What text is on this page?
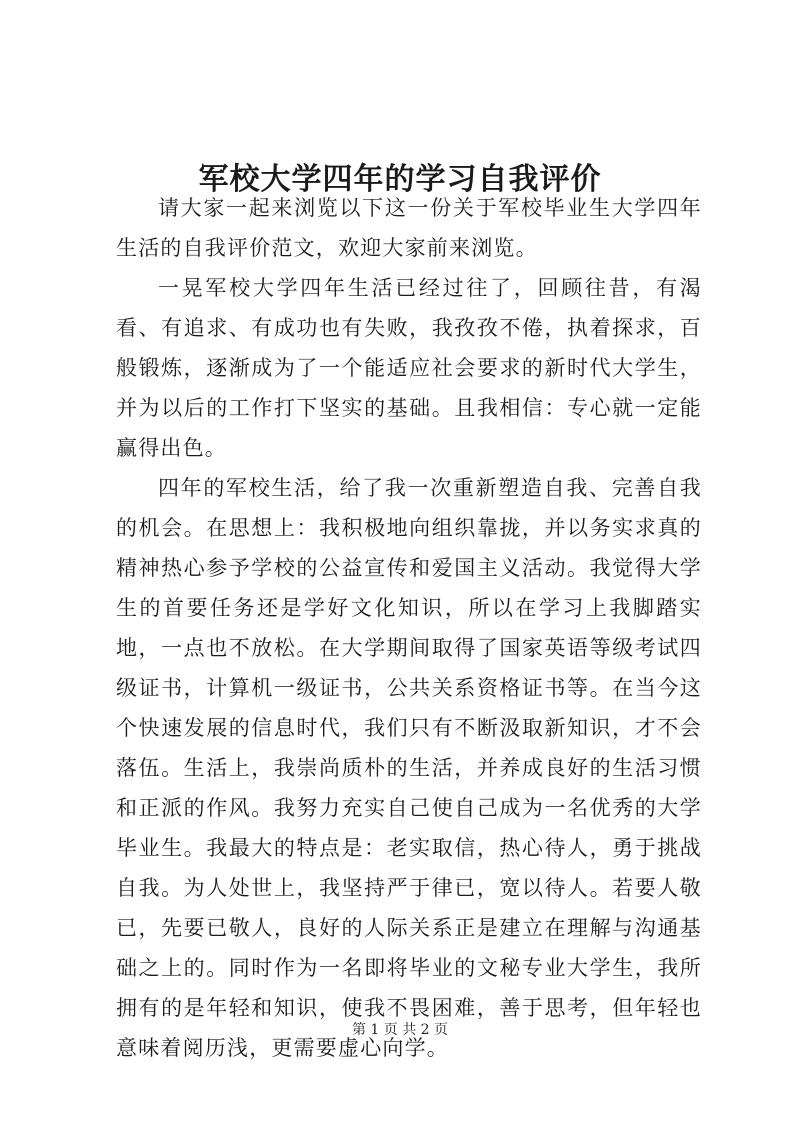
军校大学四年的学习自我评价

请大家一起来浏览以下这一份关于军校毕业生大学四年生活的自我评价范文，欢迎大家前来浏览。

一晃军校大学四年生活已经过往了，回顾往昔，有渴看、有追求、有成功也有失败，我孜孜不倦，执着探求，百般锻炼，逐渐成为了一个能适应社会要求的新时代大学生，并为以后的工作打下坚实的基础。且我相信：专心就一定能赢得出色。

四年的军校生活，给了我一次重新塑造自我、完善自我的机会。在思想上：我积极地向组织靠拢，并以务实求真的精神热心参予学校的公益宣传和爱国主义活动。我觉得大学生的首要任务还是学好文化知识，所以在学习上我脚踏实地，一点也不放松。在大学期间取得了国家英语等级考试四级证书，计算机一级证书，公共关系资格证书等。在当今这个快速发展的信息时代，我们只有不断汲取新知识，才不会落伍。生活上，我崇尚质朴的生活，并养成良好的生活习惯和正派的作风。我努力充实自己使自己成为一名优秀的大学毕业生。我最大的特点是：老实取信，热心待人，勇于挑战自我。为人处世上，我坚持严于律已，宽以待人。若要人敬已，先要已敬人，良好的人际关系正是建立在理解与沟通基础之上的。同时作为一名即将毕业的文秘专业大学生，我所拥有的是年轻和知识，使我不畏困难，善于思考，但年轻也意味着阅历浅，更需要虚心向学。

第 1 页 共 2 页
